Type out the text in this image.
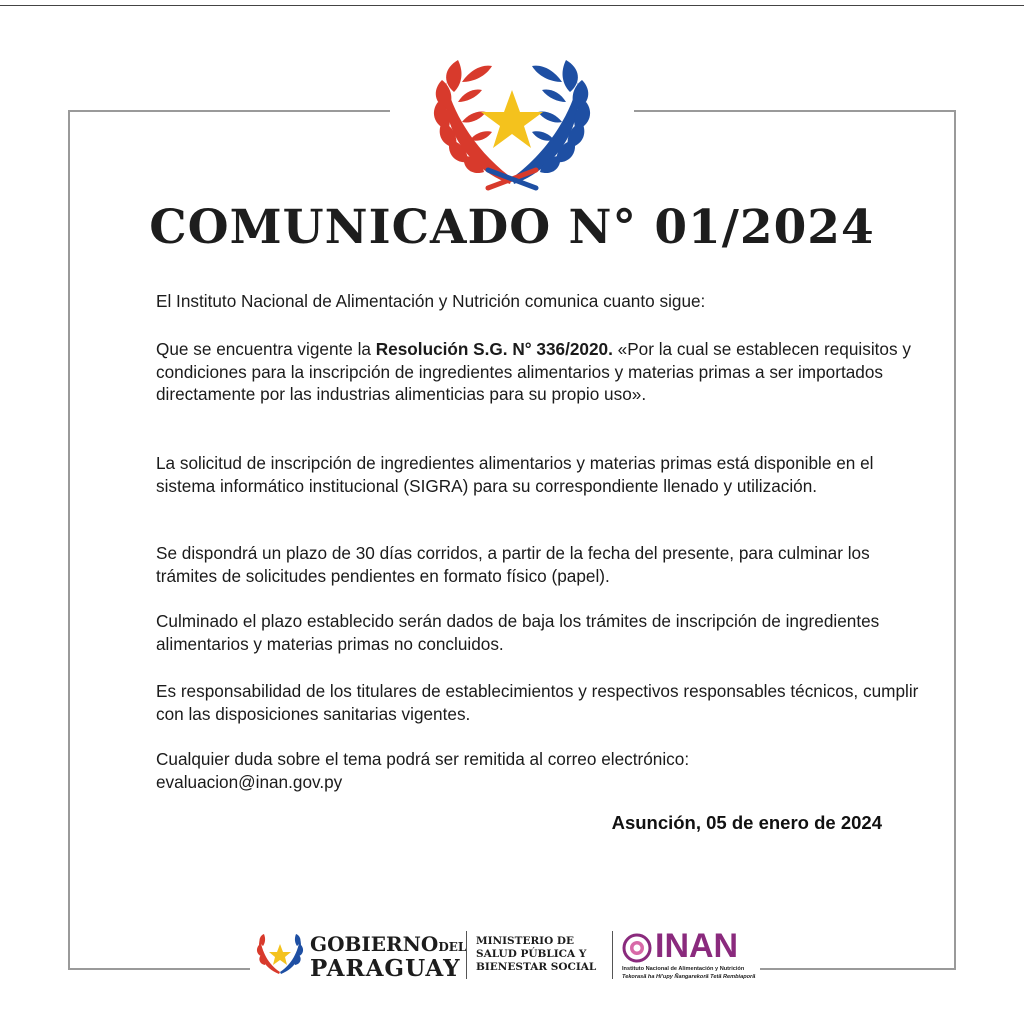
COMUNICADO N° 01/2024
El Instituto Nacional de Alimentación y Nutrición comunica cuanto sigue:
Que se encuentra vigente la Resolución S.G. N° 336/2020. «Por la cual se establecen requisitos y condiciones para la inscripción de ingredientes alimentarios y materias primas a ser importados directamente por las industrias alimenticias para su propio uso».
La solicitud de inscripción de ingredientes alimentarios y materias primas está disponible en el sistema informático institucional (SIGRA) para su correspondiente llenado y utilización.
Se dispondrá un plazo de 30 días corridos, a partir de la fecha del presente, para culminar los trámites de solicitudes pendientes en formato físico (papel).
Culminado el plazo establecido serán dados de baja los trámites de inscripción de ingredientes alimentarios y materias primas no concluidos.
Es responsabilidad de los titulares de establecimientos y respectivos responsables técnicos, cumplir con las disposiciones sanitarias vigentes.
Cualquier duda sobre el tema podrá ser remitida al correo electrónico:
evaluacion@inan.gov.py
Asunción, 05 de enero de 2024
GOBIERNODEL
PARAGUAY
MINISTERIO DE
SALUD PÚBLICA Y
BIENESTAR SOCIAL
INAN
Instituto Nacional de Alimentación y Nutrición
Tekorasã ha Hi'upy Ñangarekorã Tetã Rembiaporã
